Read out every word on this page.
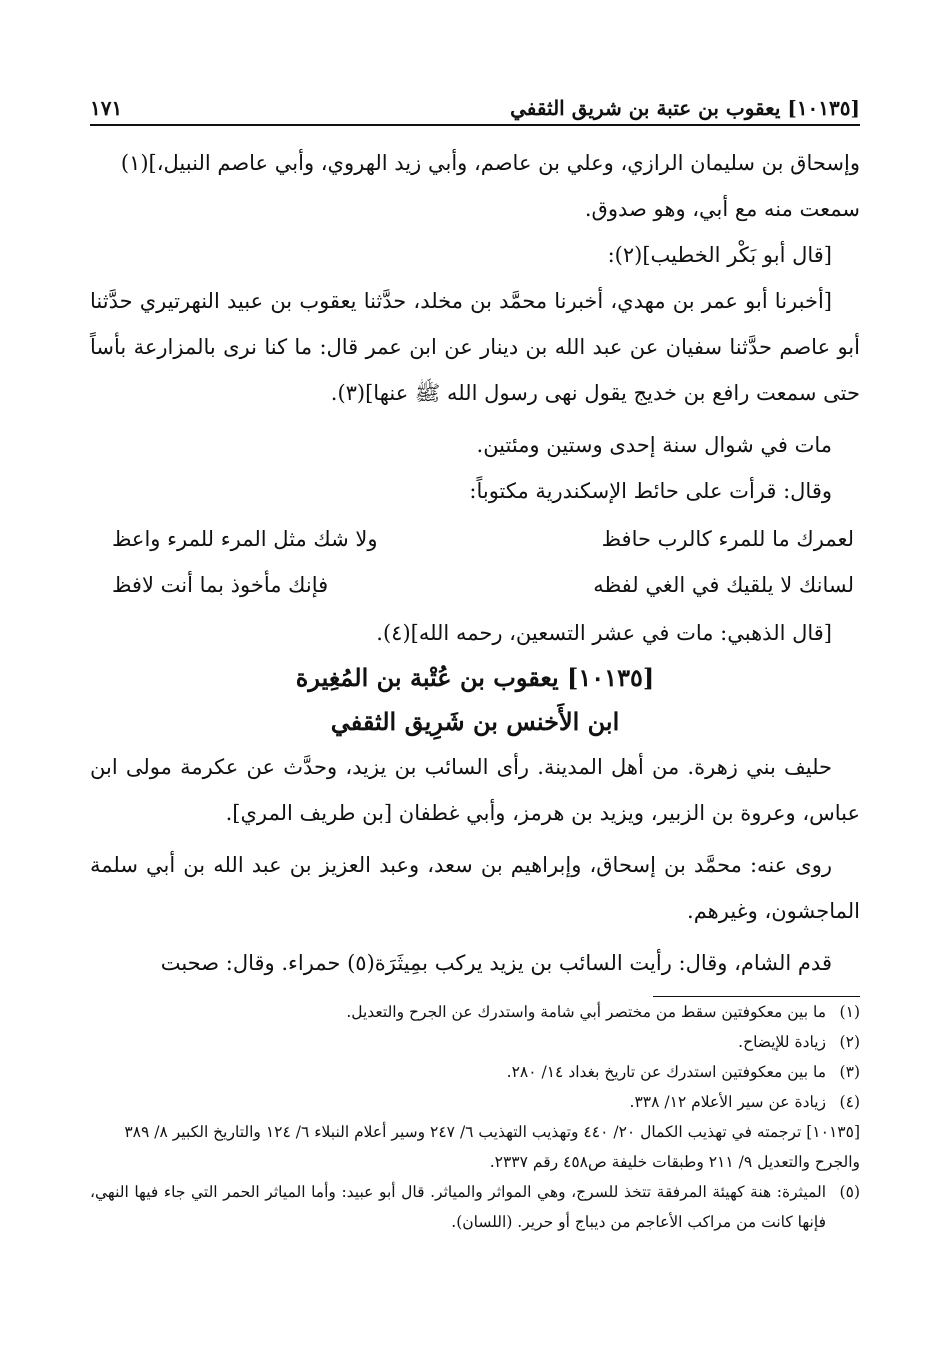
[١٠١٣٥] يعقوب بن عتبة بن شريق الثقفي
١٧١

وإسحاق بن سليمان الرازي، وعلي بن عاصم، وأبي زيد الهروي، وأبي عاصم النبيل،](١)

سمعت منه مع أبي، وهو صدوق.

[قال أبو بَكْر الخطيب](٢):

[أخبرنا أبو عمر بن مهدي، أخبرنا محمَّد بن مخلد، حدَّثنا يعقوب بن عبيد النهرتيري حدَّثنا أبو عاصم حدَّثنا سفيان عن عبد الله بن دينار عن ابن عمر قال: ما كنا نرى بالمزارعة بأساً حتى سمعت رافع بن خديج يقول نهى رسول الله ﷺ عنها](٣).

مات في شوال سنة إحدى وستين ومئتين.

وقال: قرأت على حائط الإسكندرية مكتوباً:

لعمرك ما للمرء كالرب حافظ
ولا شك مثل المرء للمرء واعظ
لسانك لا يلقيك في الغي لفظه
فإنك مأخوذ بما أنت لافظ

[قال الذهبي: مات في عشر التسعين، رحمه الله](٤).

[١٠١٣٥] يعقوب بن عُتْبة بن المُغِيرة
ابن الأَخنس بن شَرِيق الثقفي

حليف بني زهرة. من أهل المدينة. رأى السائب بن يزيد، وحدَّث عن عكرمة مولى ابن عباس، وعروة بن الزبير، ويزيد بن هرمز، وأبي غطفان [بن طريف المري].

روى عنه: محمَّد بن إسحاق، وإبراهيم بن سعد، وعبد العزيز بن عبد الله بن أبي سلمة الماجشون، وغيرهم.

قدم الشام، وقال: رأيت السائب بن يزيد يركب بمِيثَرَة(٥) حمراء. وقال: صحبت

(١)
ما بين معكوفتين سقط من مختصر أبي شامة واستدرك عن الجرح والتعديل.
(٢)
زيادة للإيضاح.
(٣)
ما بين معكوفتين استدرك عن تاريخ بغداد ١٤/ ٢٨٠.
(٤)
زيادة عن سير الأعلام ١٢/ ٣٣٨.
[١٠١٣٥] ترجمته في تهذيب الكمال ٢٠/ ٤٤٠ وتهذيب التهذيب ٦/ ٢٤٧ وسير أعلام النبلاء ٦/ ١٢٤ والتاريخ الكبير ٨/ ٣٨٩ والجرح والتعديل ٩/ ٢١١ وطبقات خليفة ص٤٥٨ رقم ٢٣٣٧.
(٥)
الميثرة: هنة كهيئة المرفقة تتخذ للسرج، وهي المواثر والمياثر. قال أبو عبيد: وأما المياثر الحمر التي جاء فيها النهي، فإنها كانت من مراكب الأعاجم من ديباج أو حرير. (اللسان).
